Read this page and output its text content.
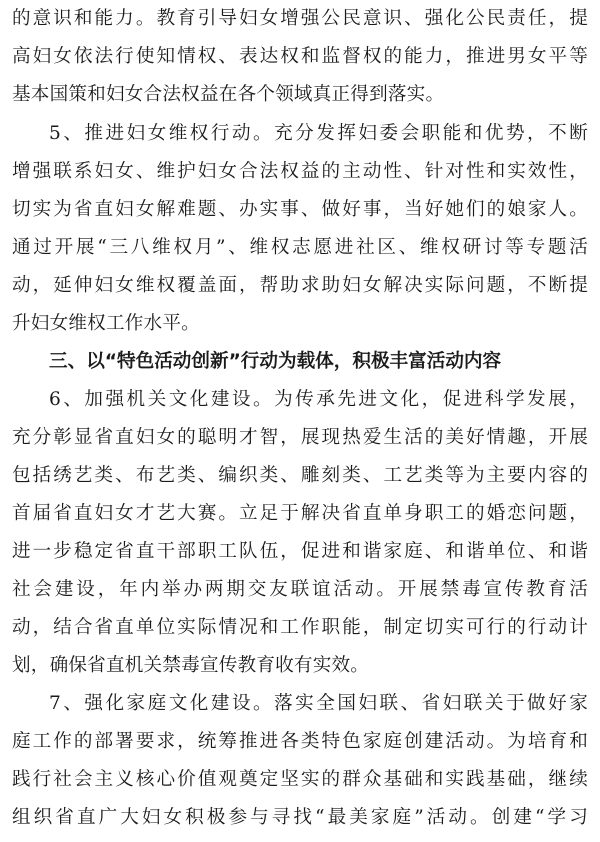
的意识和能力。教育引导妇女增强公民意识、强化公民责任，提
高妇女依法行使知情权、表达权和监督权的能力，推进男女平等
基本国策和妇女合法权益在各个领域真正得到落实。
5、推进妇女维权行动。充分发挥妇委会职能和优势，不断
增强联系妇女、维护妇女合法权益的主动性、针对性和实效性，
切实为省直妇女解难题、办实事、做好事，当好她们的娘家人。
通过开展“三八维权月”、维权志愿进社区、维权研讨等专题活
动，延伸妇女维权覆盖面，帮助求助妇女解决实际问题，不断提
升妇女维权工作水平。
三、以“特色活动创新”行动为载体，积极丰富活动内容
6、加强机关文化建设。为传承先进文化，促进科学发展，
充分彰显省直妇女的聪明才智，展现热爱生活的美好情趣，开展
包括绣艺类、布艺类、编织类、雕刻类、工艺类等为主要内容的
首届省直妇女才艺大赛。立足于解决省直单身职工的婚恋问题，
进一步稳定省直干部职工队伍，促进和谐家庭、和谐单位、和谐
社会建设，年内举办两期交友联谊活动。开展禁毒宣传教育活
动，结合省直单位实际情况和工作职能，制定切实可行的行动计
划，确保省直机关禁毒宣传教育收有实效。
7、强化家庭文化建设。落实全国妇联、省妇联关于做好家
庭工作的部署要求，统筹推进各类特色家庭创建活动。为培育和
践行社会主义核心价值观奠定坚实的群众基础和实践基础，继续
组织省直广大妇女积极参与寻找“最美家庭”活动。创建“学习
